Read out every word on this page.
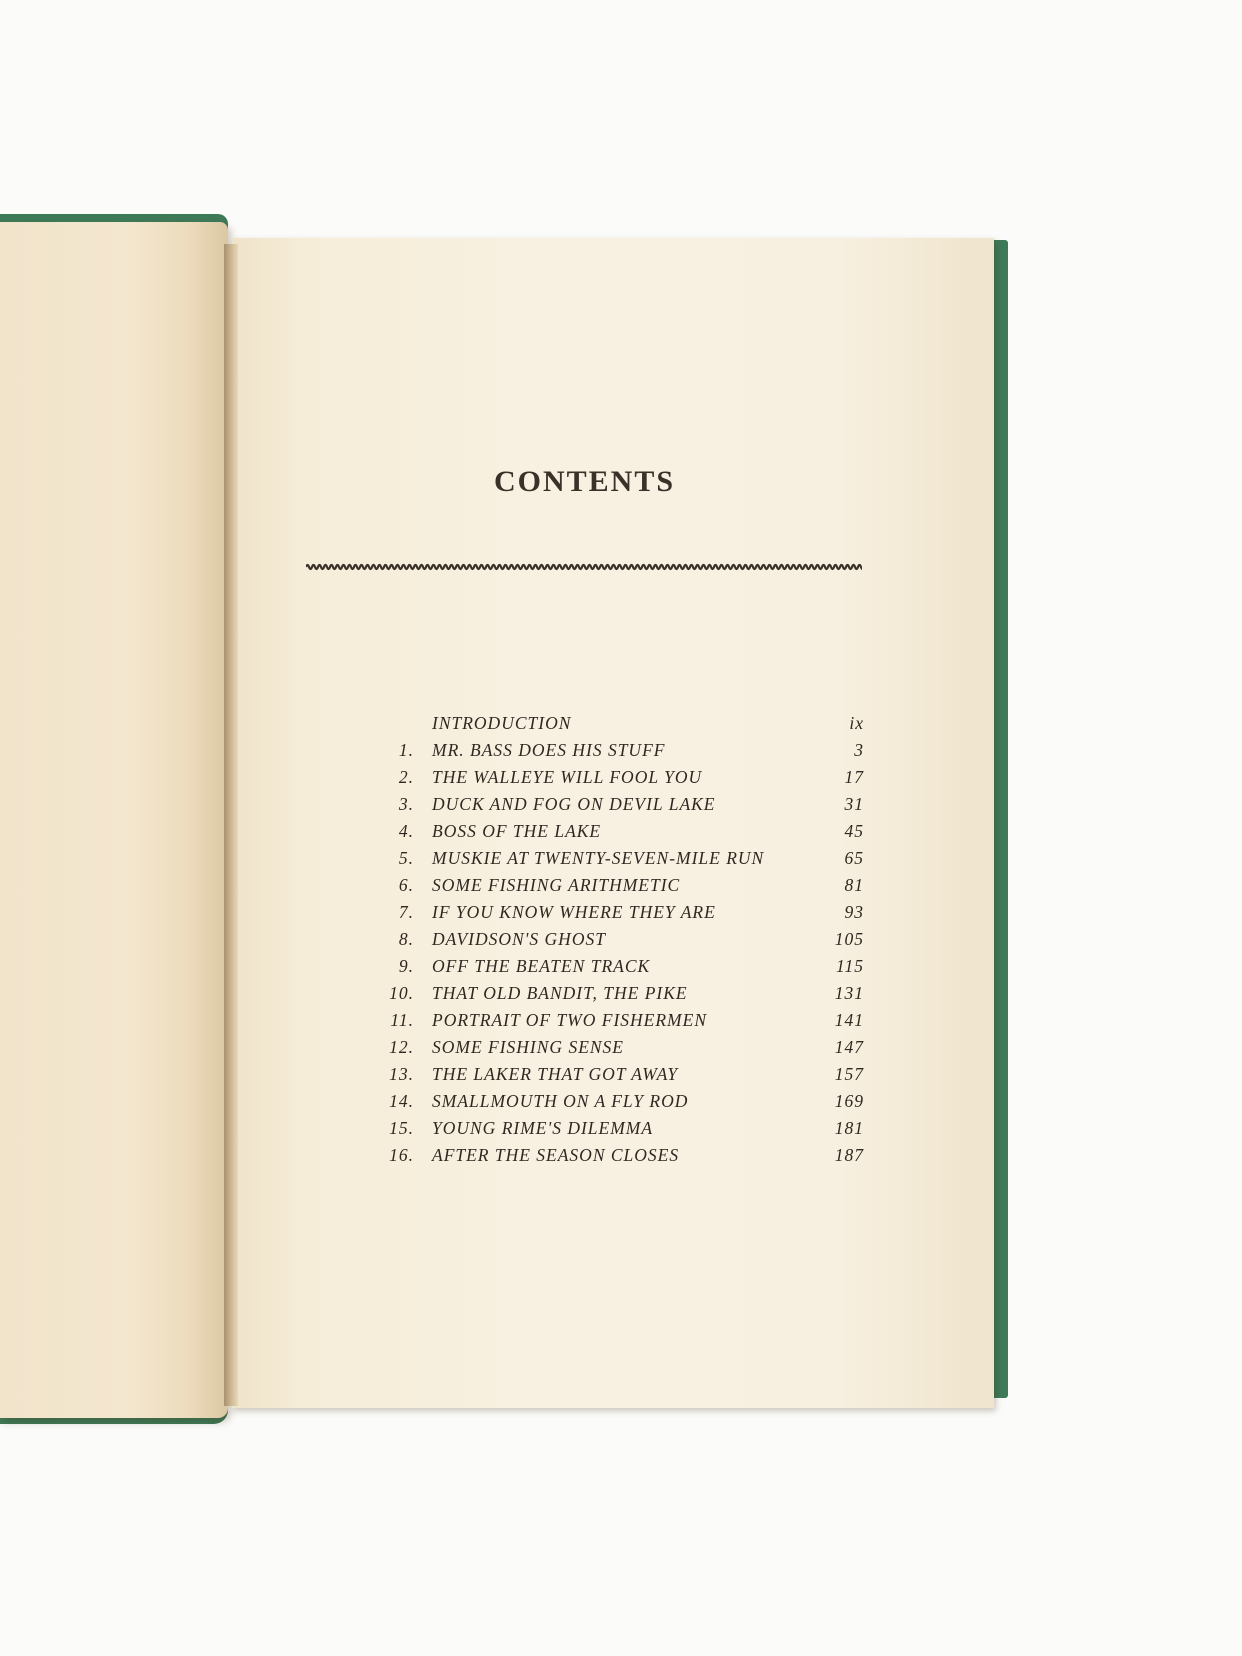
CONTENTS
INTRODUCTION	ix
1. MR. BASS DOES HIS STUFF	3
2. THE WALLEYE WILL FOOL YOU	17
3. DUCK AND FOG ON DEVIL LAKE	31
4. BOSS OF THE LAKE	45
5. MUSKIE AT TWENTY-SEVEN-MILE RUN	65
6. SOME FISHING ARITHMETIC	81
7. IF YOU KNOW WHERE THEY ARE	93
8. DAVIDSON'S GHOST	105
9. OFF THE BEATEN TRACK	115
10. THAT OLD BANDIT, THE PIKE	131
11. PORTRAIT OF TWO FISHERMEN	141
12. SOME FISHING SENSE	147
13. THE LAKER THAT GOT AWAY	157
14. SMALLMOUTH ON A FLY ROD	169
15. YOUNG RIME'S DILEMMA	181
16. AFTER THE SEASON CLOSES	187
